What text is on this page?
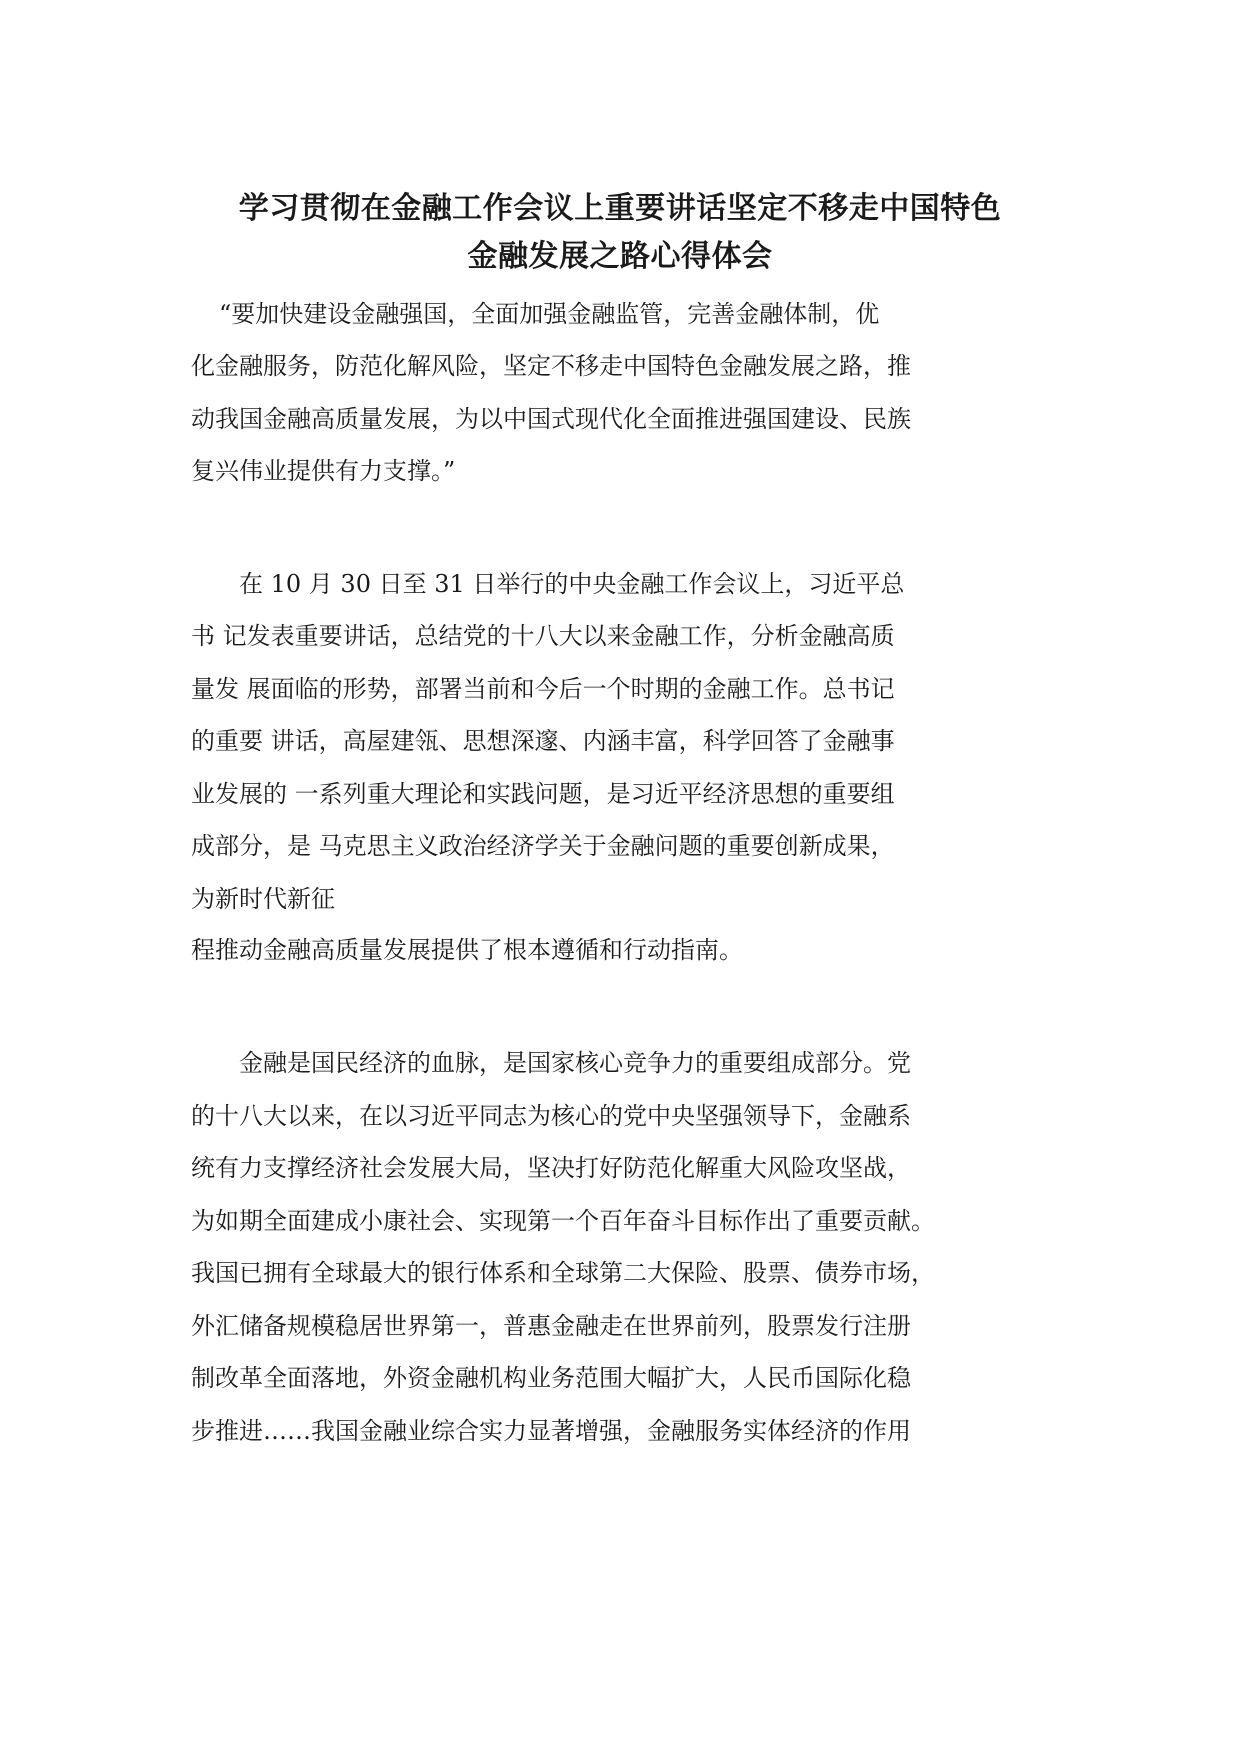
学习贯彻在金融工作会议上重要讲话坚定不移走中国特色
金融发展之路心得体会
“要加快建设金融强国，全面加强金融监管，完善金融体制，优
化金融服务，防范化解风险，坚定不移走中国特色金融发展之路，推
动我国金融高质量发展，为以中国式现代化全面推进强国建设、民族
复兴伟业提供有力支撑。”
在 10 月 30 日至 31 日举行的中央金融工作会议上，习近平总
书 记发表重要讲话，总结党的十八大以来金融工作，分析金融高质
量发 展面临的形势，部署当前和今后一个时期的金融工作。总书记
的重要 讲话，高屋建瓴、思想深邃、内涵丰富，科学回答了金融事
业发展的 一系列重大理论和实践问题，是习近平经济思想的重要组
成部分，是 马克思主义政治经济学关于金融问题的重要创新成果，
为新时代新征
程推动金融高质量发展提供了根本遵循和行动指南。
金融是国民经济的血脉，是国家核心竞争力的重要组成部分。党
的十八大以来，在以习近平同志为核心的党中央坚强领导下，金融系
统有力支撑经济社会发展大局，坚决打好防范化解重大风险攻坚战，
为如期全面建成小康社会、实现第一个百年奋斗目标作出了重要贡献。
我国已拥有全球最大的银行体系和全球第二大保险、股票、债券市场，
外汇储备规模稳居世界第一，普惠金融走在世界前列，股票发行注册
制改革全面落地，外资金融机构业务范围大幅扩大，人民币国际化稳
步推进……我国金融业综合实力显著增强，金融服务实体经济的作用
